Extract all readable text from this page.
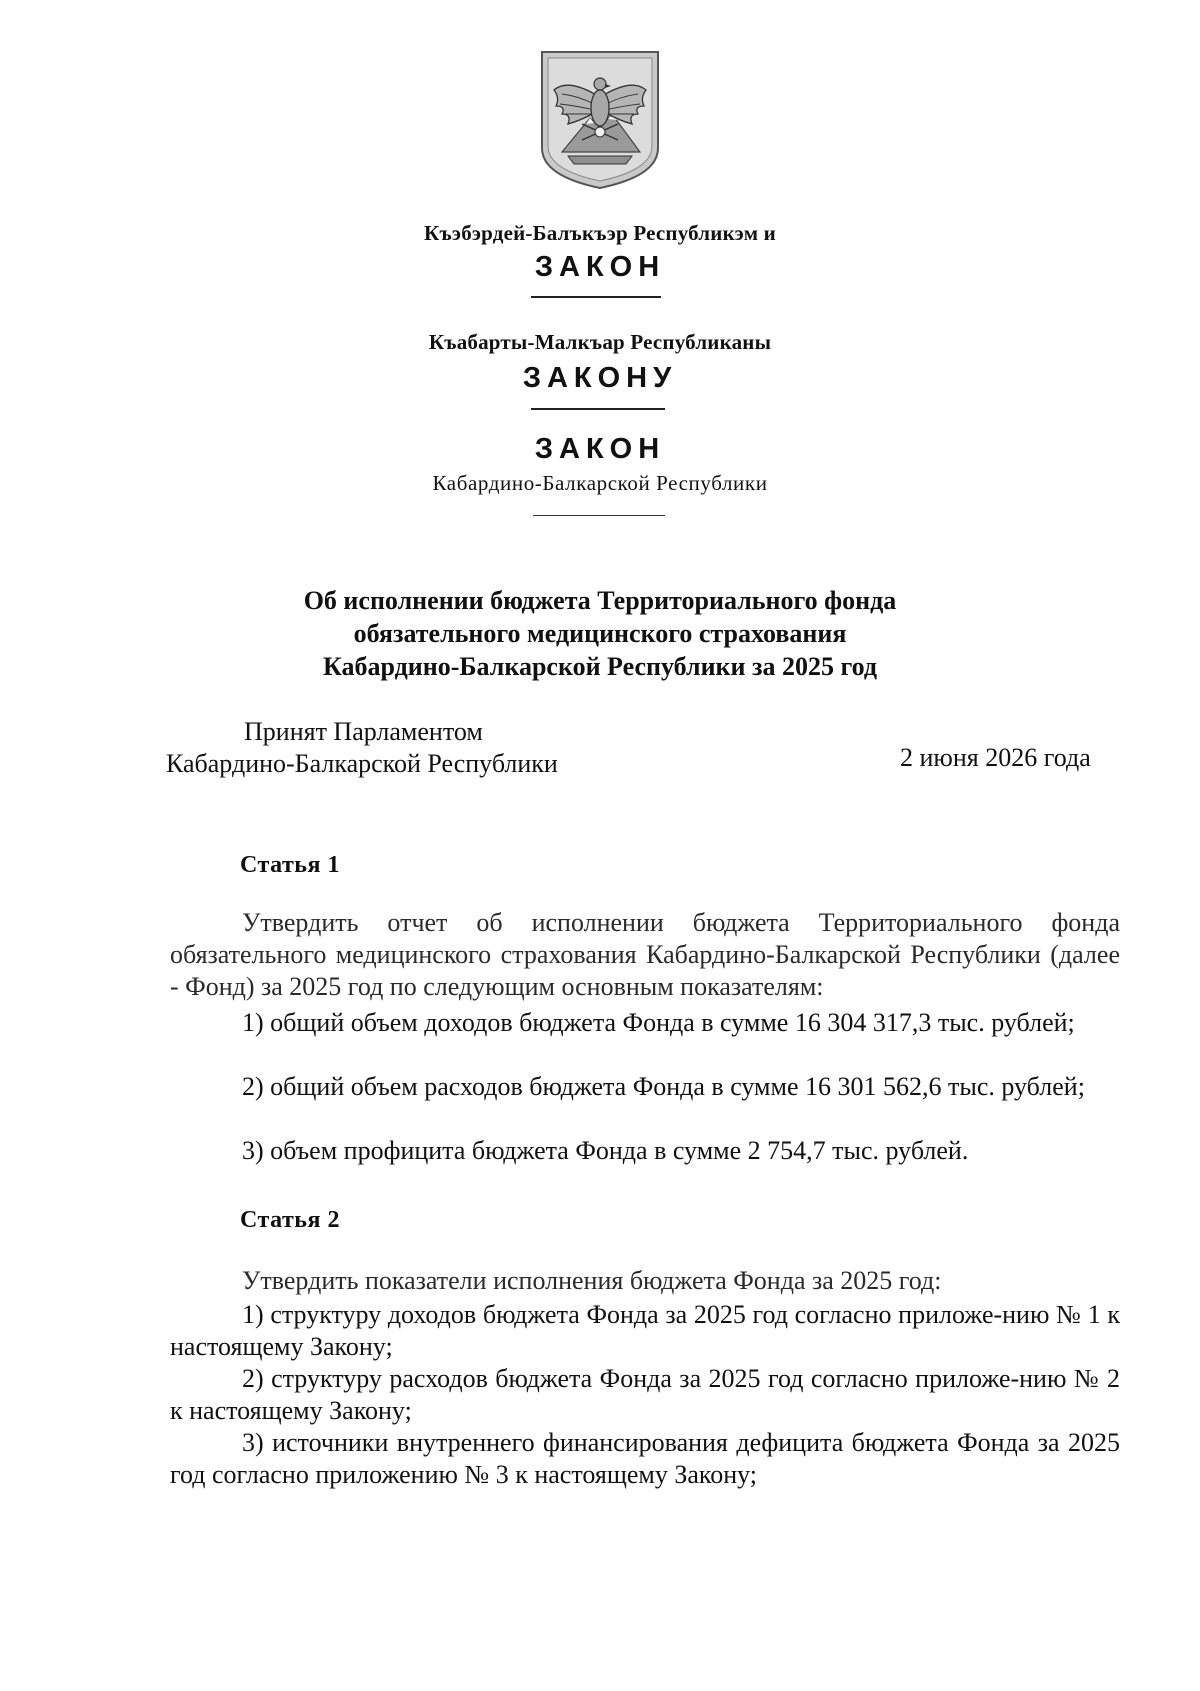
Къэбэрдей-Балъкъэр Республикэм и
ЗАКОН
Къабарты-Малкъар Республиканы
ЗАКОНУ
ЗАКОН
Кабардино-Балкарской Республики
Об исполнении бюджета Территориального фонда
обязательного медицинского страхования
Кабардино-Балкарской Республики за 2025 год
Принят Парламентом
Кабардино-Балкарской Республики	2 июня 2026 года
Статья 1
Утвердить отчет об исполнении бюджета Территориального фонда обязательного медицинского страхования Кабардино-Балкарской Республики (далее - Фонд) за 2025 год по следующим основным показателям:
1) общий объем доходов бюджета Фонда в сумме 16 304 317,3 тыс. рублей;
2) общий объем расходов бюджета Фонда в сумме 16 301 562,6 тыс. рублей;
3) объем профицита бюджета Фонда в сумме 2 754,7 тыс. рублей.
Статья 2
Утвердить показатели исполнения бюджета Фонда за 2025 год:
1) структуру доходов бюджета Фонда за 2025 год согласно приложе-нию № 1 к настоящему Закону;
2) структуру расходов бюджета Фонда за 2025 год согласно приложе-нию № 2 к настоящему Закону;
3) источники внутреннего финансирования дефицита бюджета Фонда за 2025 год согласно приложению № 3 к настоящему Закону;
